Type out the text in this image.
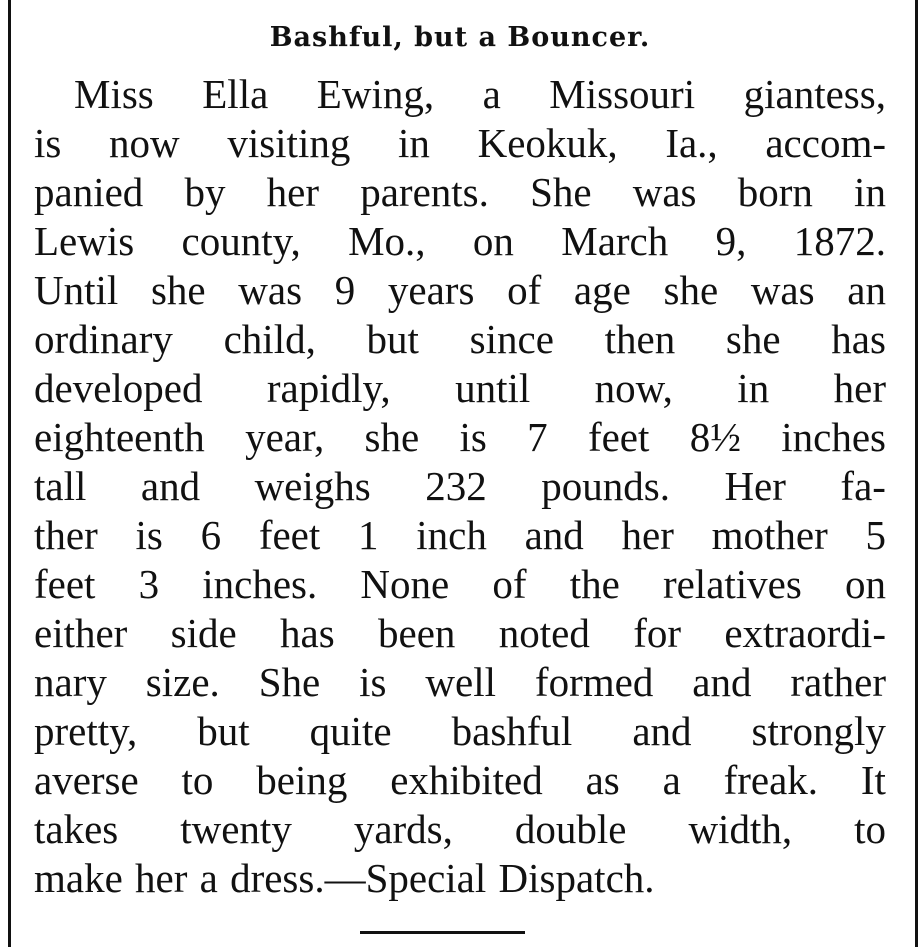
Bashful, but a Bouncer.
Miss Ella Ewing, a Missouri giantess,
is now visiting in Keokuk, Ia., accom-
panied by her parents. She was born in
Lewis county, Mo., on March 9, 1872.
Until she was 9 years of age she was an
ordinary child, but since then she has
developed rapidly, until now, in her
eighteenth year, she is 7 feet 8½ inches
tall and weighs 232 pounds. Her fa-
ther is 6 feet 1 inch and her mother 5
feet 3 inches. None of the relatives on
either side has been noted for extraordi-
nary size. She is well formed and rather
pretty, but quite bashful and strongly
averse to being exhibited as a freak. It
takes twenty yards, double width, to
make her a dress.—Special Dispatch.
